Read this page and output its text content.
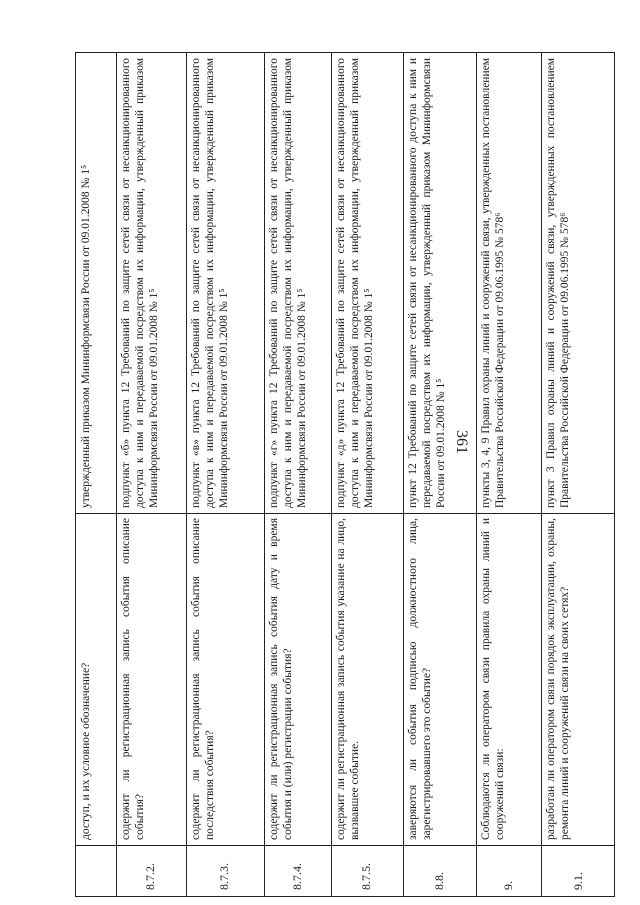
361
утвержденный приказом Мининформсвязи России от 09.01.2008 № 1⁵
доступ, и их условное обозначение?
подпункт «б» пункта 12 Требований по защите сетей связи от несанкционированного доступа к ним и передаваемой посредством их информации, утвержденный приказом Мининформсвязи России от 09.01.2008 № 1⁵
содержит ли регистрационная запись события описание события?
8.7.2.
подпункт «в» пункта 12 Требований по защите сетей связи от несанкционированного доступа к ним и передаваемой посредством их информации, утвержденный приказом Мининформсвязи России от 09.01.2008 № 1⁵
содержит ли регистрационная запись события описание последствия события?
8.7.3.
подпункт «г» пункта 12 Требований по защите сетей связи от несанкционированного доступа к ним и передаваемой посредством их информации, утвержденный приказом Мининформсвязи России от 09.01.2008 № 1⁵
содержит ли регистрационная запись события дату и время события и (или) регистрации события?
8.7.4.
подпункт «д» пункта 12 Требований по защите сетей связи от несанкционированного доступа к ним и передаваемой посредством их информации, утвержденный приказом Мининформсвязи России от 09.01.2008 № 1⁵
содержит ли регистрационная запись события указание на лицо, вызвавшее событие.
8.7.5.
пункт 12 Требований по защите сетей связи от несанкционированного доступа к ним и передаваемой посредством их информации, утвержденный приказом Мининформсвязи России от 09.01.2008 № 1⁵
заверяются ли события подписью должностного лица, зарегистрировавшего это событие?
8.8.
пункты 3, 4, 9 Правил охраны линий и сооружений связи, утвержденных постановлением Правительства Российской Федерации от 09.06.1995 № 578⁶
Соблюдаются ли оператором связи правила охраны линий и сооружений связи:
9.
пункт 3 Правил охраны линий и сооружений связи, утвержденных постановлением Правительства Российской Федерации от 09.06.1995 № 578⁶
разработан ли оператором связи порядок эксплуатации, охраны, ремонта линий и сооружений связи на своих сетях?
9.1.
